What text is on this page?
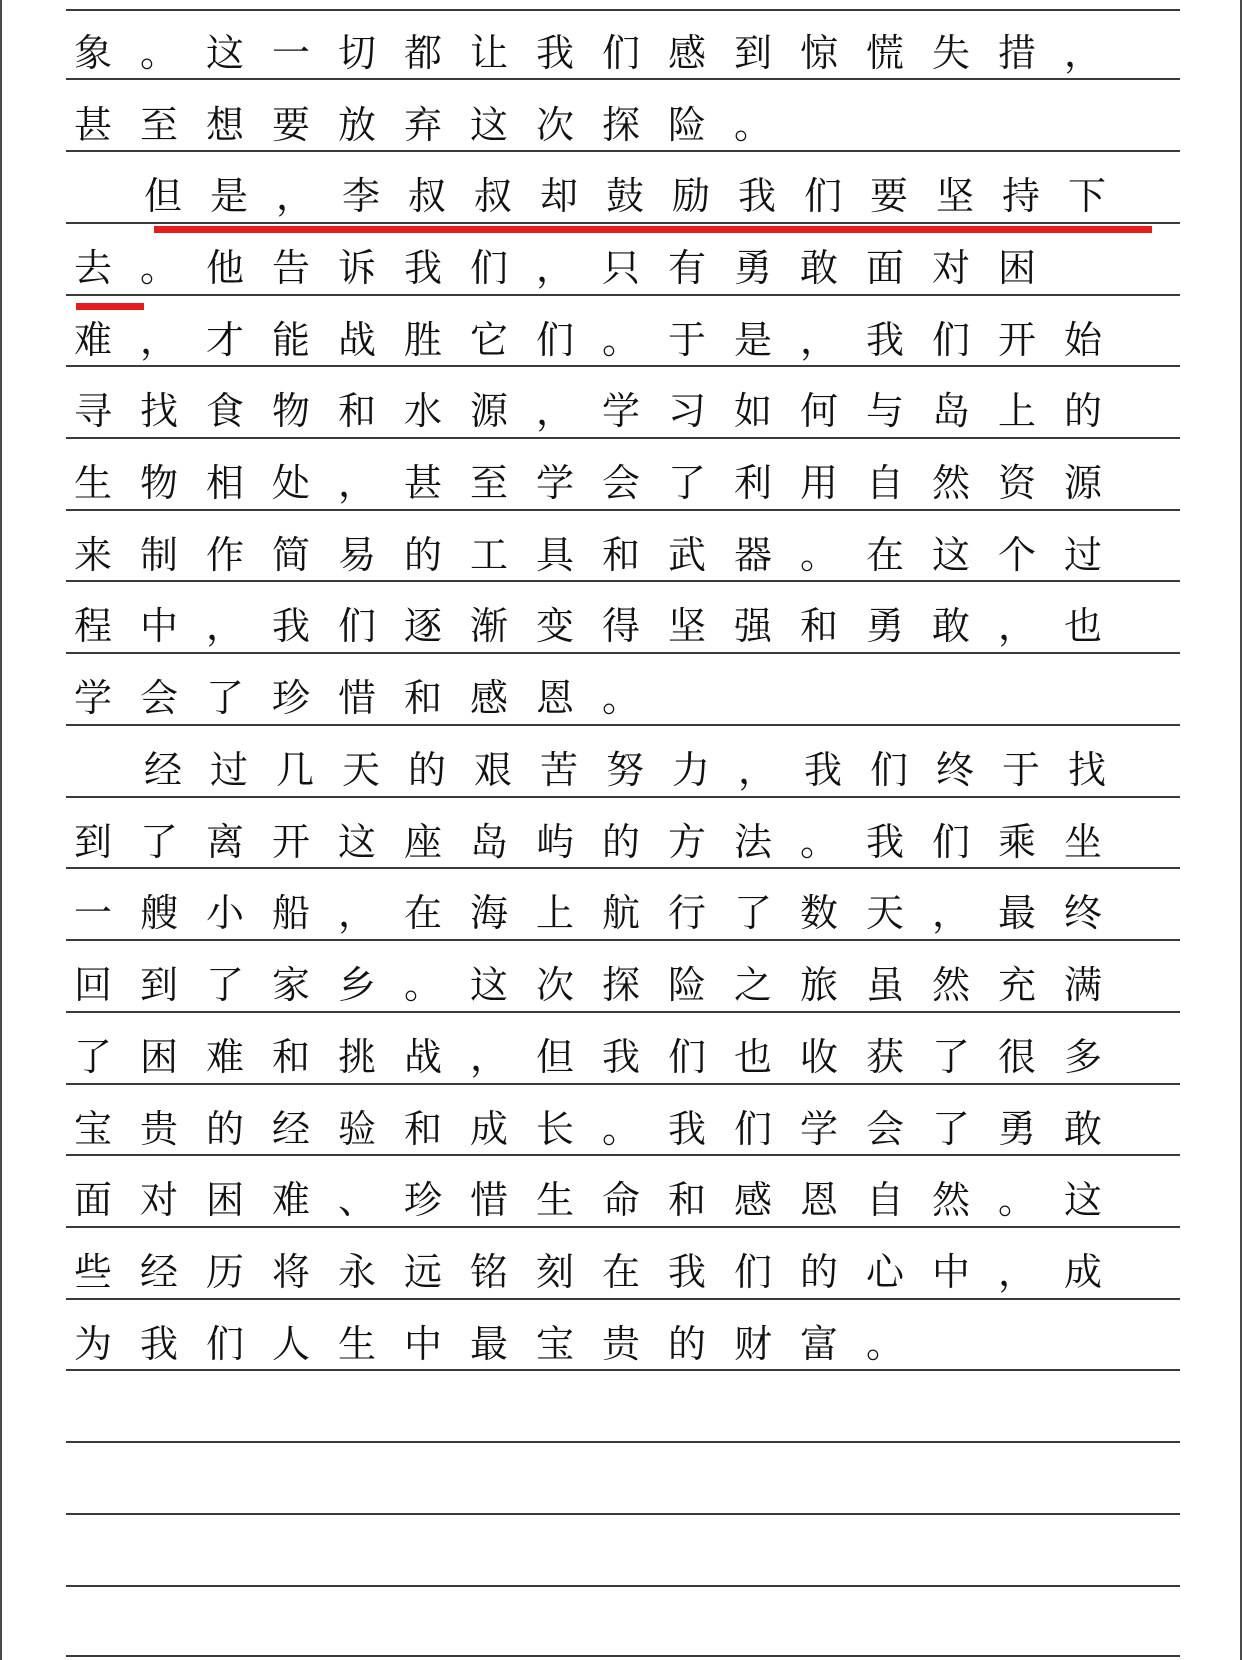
象。这一切都让我们感到惊慌失措，
甚至想要放弃这次探险。
但是，李叔叔却鼓励我们要坚持下
去。他告诉我们，只有勇敢面对困
难，才能战胜它们。于是，我们开始
寻找食物和水源，学习如何与岛上的
生物相处，甚至学会了利用自然资源
来制作简易的工具和武器。在这个过
程中，我们逐渐变得坚强和勇敢，也
学会了珍惜和感恩。
经过几天的艰苦努力，我们终于找
到了离开这座岛屿的方法。我们乘坐
一艘小船，在海上航行了数天，最终
回到了家乡。这次探险之旅虽然充满
了困难和挑战，但我们也收获了很多
宝贵的经验和成长。我们学会了勇敢
面对困难、珍惜生命和感恩自然。这
些经历将永远铭刻在我们的心中，成
为我们人生中最宝贵的财富。
